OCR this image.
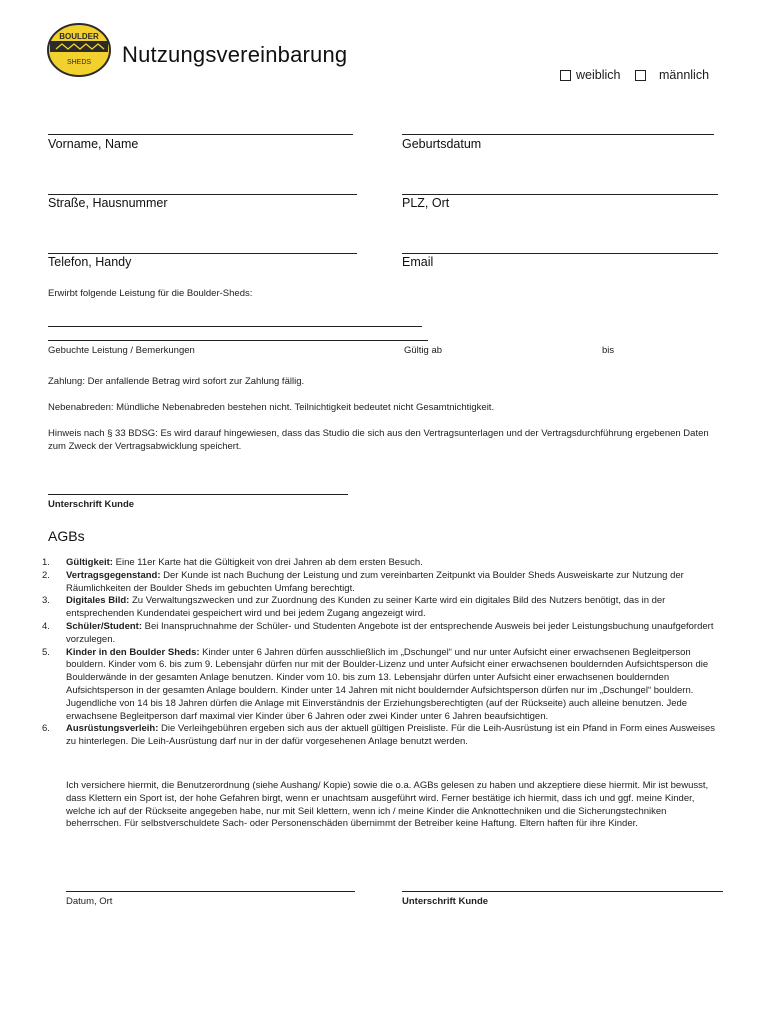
BOULDER
SHEDS Nutzungsvereinbarung
weiblich	männlich
Vorname, Name	Geburtsdatum
Straße, Hausnummer	PLZ, Ort
Telefon, Handy	Email
Erwirbt folgende Leistung für die Boulder-Sheds:
Gebuchte Leistung / Bemerkungen	Gültig ab	bis
Zahlung: Der anfallende Betrag wird sofort zur Zahlung fällig.
Nebenabreden: Mündliche Nebenabreden bestehen nicht. Teilnichtigkeit bedeutet nicht Gesamtnichtigkeit.
Hinweis nach § 33 BDSG: Es wird darauf hingewiesen, dass das Studio die sich aus den Vertragsunterlagen und der Vertragsdurchführung ergebenen Daten zum Zweck der Vertragsabwicklung speichert.
Unterschrift Kunde
AGBs
1.	Gültigkeit: Eine 11er Karte hat die Gültigkeit von drei Jahren ab dem ersten Besuch.
2.	Vertragsgegenstand: Der Kunde ist nach Buchung der Leistung und zum vereinbarten Zeitpunkt via Boulder Sheds Ausweiskarte zur Nutzung der Räumlichkeiten der Boulder Sheds im gebuchten Umfang berechtigt.
3.	Digitales Bild: Zu Verwaltungszwecken und zur Zuordnung des Kunden zu seiner Karte wird ein digitales Bild des Nutzers benötigt, das in der entsprechenden Kundendatei gespeichert wird und bei jedem Zugang angezeigt wird.
4.	Schüler/Student: Bei Inanspruchnahme der Schüler- und Studenten Angebote ist der entsprechende Ausweis bei jeder Leistungsbuchung unaufgefordert vorzulegen.
5.	Kinder in den Boulder Sheds: Kinder unter 6 Jahren dürfen ausschließlich im „Dschungel“ und nur unter Aufsicht einer erwachsenen Begleitperson bouldern. Kinder vom 6. bis zum 9. Lebensjahr dürfen nur mit der Boulder-Lizenz und unter Aufsicht einer erwachsenen bouldernden Aufsichtsperson die Boulderwände in der gesamten Anlage benutzen. Kinder vom 10. bis zum 13. Lebensjahr dürfen unter Aufsicht einer erwachsenen bouldernden Aufsichtsperson in der gesamten Anlage bouldern. Kinder unter 14 Jahren mit nicht bouldernder Aufsichtsperson dürfen nur im „Dschungel“ bouldern. Jugendliche von 14 bis 18 Jahren dürfen die Anlage mit Einverständnis der Erziehungsberechtigten (auf der Rückseite) auch alleine benutzen. Jede erwachsene Begleitperson darf maximal vier Kinder über 6 Jahren oder zwei Kinder unter 6 Jahren beaufsichtigen.
6.	Ausrüstungsverleih: Die Verleihgebühren ergeben sich aus der aktuell gültigen Preisliste. Für die Leih-Ausrüstung ist ein Pfand in Form eines Ausweises zu hinterlegen. Die Leih-Ausrüstung darf nur in der dafür vorgesehenen Anlage benutzt werden.
Ich versichere hiermit, die Benutzerordnung (siehe Aushang/ Kopie) sowie die o.a. AGBs gelesen zu haben und akzeptiere diese hiermit. Mir ist bewusst, dass Klettern ein Sport ist, der hohe Gefahren birgt, wenn er unachtsam ausgeführt wird. Ferner bestätige ich hiermit, dass ich und ggf. meine Kinder, welche ich auf der Rückseite angegeben habe, nur mit Seil klettern, wenn ich / meine Kinder die Anknottechniken und die Sicherungstechniken beherrschen. Für selbstverschuldete Sach- oder Personenschäden übernimmt der Betreiber keine Haftung. Eltern haften für ihre Kinder.
Datum, Ort	Unterschrift Kunde
